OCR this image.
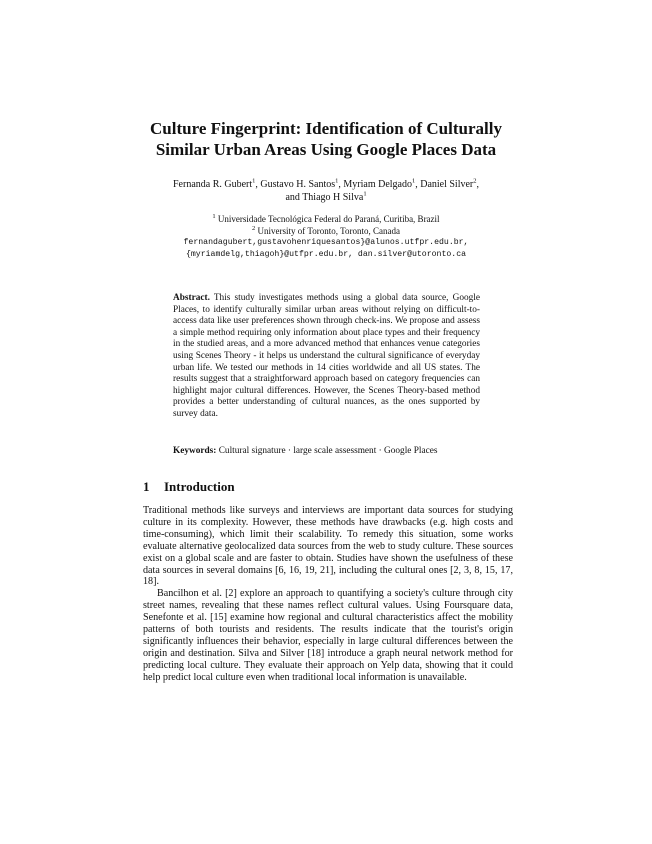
Culture Fingerprint: Identification of Culturally
Similar Urban Areas Using Google Places Data
Fernanda R. Gubert$^1$, Gustavo H. Santos$^1$, Myriam Delgado$^1$, Daniel Silver$^2$,
and Thiago H Silva$^1$
$^1$ Universidade Tecnológica Federal do Paraná, Curitiba, Brazil
$^2$ University of Toronto, Toronto, Canada
fernandagubert,gustavohenriquesantos}@alunos.utfpr.edu.br,
{myriamdelg,thiagoh}@utfpr.edu.br, dan.silver@utoronto.ca
Abstract. This study investigates methods using a global data source, Google Places, to identify culturally similar urban areas without relying on difficult-to-access data like user preferences shown through check-ins. We propose and assess a simple method requiring only information about place types and their frequency in the studied areas, and a more advanced method that enhances venue categories using Scenes Theory - it helps us understand the cultural significance of everyday urban life. We tested our methods in 14 cities worldwide and all US states. The results suggest that a straightforward approach based on category frequencies can highlight major cultural differences. However, the Scenes Theory-based method provides a better understanding of cultural nuances, as the ones supported by survey data.
Keywords: Cultural signature · large scale assessment · Google Places
1 Introduction

Traditional methods like surveys and interviews are important data sources for studying culture in its complexity. However, these methods have drawbacks (e.g. high costs and time-consuming), which limit their scalability. To remedy this situation, some works evaluate alternative geolocalized data sources from the web to study culture. These sources exist on a global scale and are faster to obtain. Studies have shown the usefulness of these data sources in several domains [6, 16, 19, 21], including the cultural ones [2, 3, 8, 15, 17, 18].

Bancilhon et al. [2] explore an approach to quantifying a society's culture through city street names, revealing that these names reflect cultural values. Using Foursquare data, Senefonte et al. [15] examine how regional and cultural characteristics affect the mobility patterns of both tourists and residents. The results indicate that the tourist's origin significantly influences their behavior, especially in large cultural differences between the origin and destination. Silva and Silver [18] introduce a graph neural network method for predicting local culture. They evaluate their approach on Yelp data, showing that it could help predict local culture even when traditional local information is unavailable.
